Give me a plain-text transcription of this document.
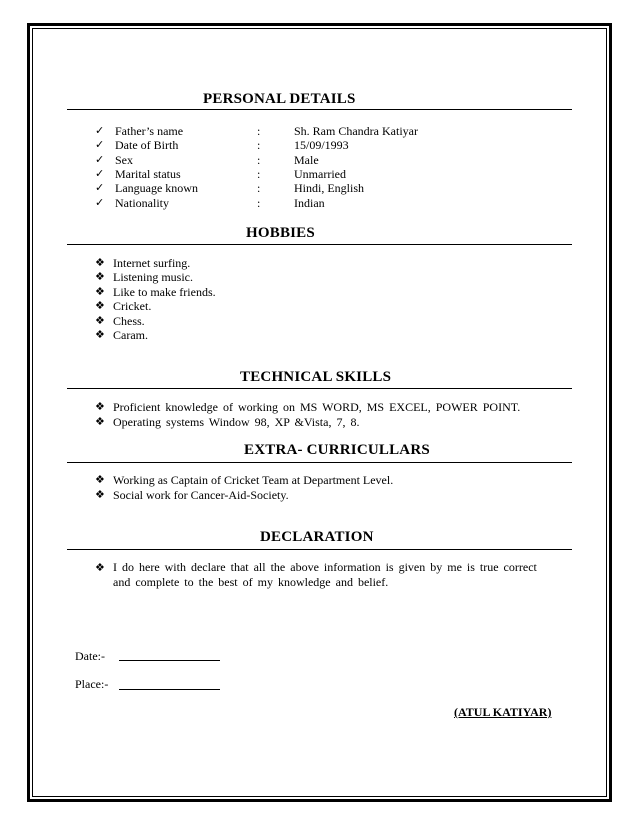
PERSONAL DETAILS
✓ Father’s name	:	Sh. Ram Chandra Katiyar
✓ Date of Birth	:	15/09/1993
✓ Sex	:	Male
✓ Marital status	:	Unmarried
✓ Language known	:	Hindi, English
✓ Nationality	:	Indian
HOBBIES
❖ Internet surfing.
❖ Listening music.
❖ Like to make friends.
❖ Cricket.
❖ Chess.
❖ Caram.
TECHNICAL SKILLS
❖ Proficient knowledge of working on MS WORD, MS EXCEL, POWER POINT.
❖ Operating systems Window 98, XP &Vista, 7, 8.
EXTRA- CURRICULLARS
❖ Working as Captain of Cricket Team at Department Level.
❖ Social work for Cancer-Aid-Society.
DECLARATION
❖ I do here with declare that all the above information is given by me is true correct and complete to the best of my knowledge and belief.
Date:-
Place:-
(ATUL KATIYAR)
